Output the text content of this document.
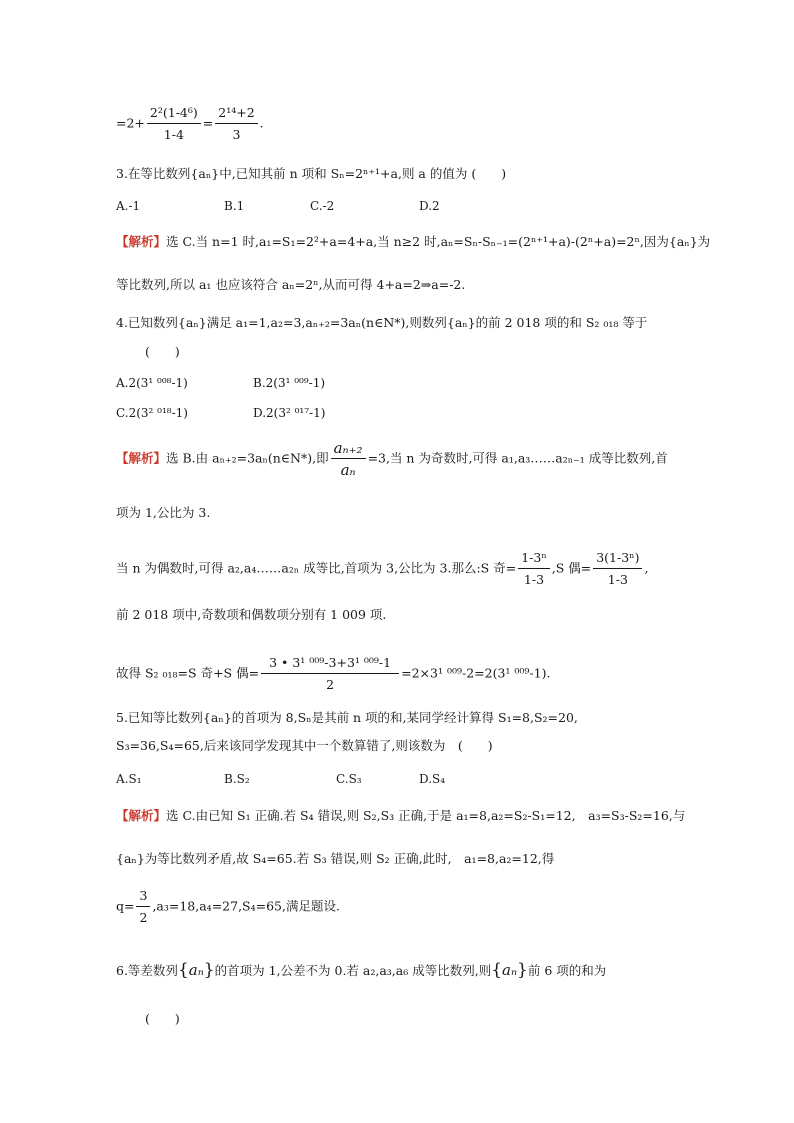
$=2+ \frac{\text{2²(1-4⁶)}}{1-4} = \frac{\text{2¹⁴+2}}{3}$ .
3.在等比数列{aₙ}中,已知其前 n 项和 Sₙ=2ⁿ⁺¹+a,则 a 的值为 (　　)
A.-1	B.1	C.-2	D.2
【解析】选 C.当 n=1 时,a₁=S₁=2²+a=4+a,当 n≥2 时,aₙ=Sₙ-Sₙ₋₁=(2ⁿ⁺¹+a)-(2ⁿ+a)=2ⁿ,因为{aₙ}为
等比数列,所以 a₁ 也应该符合 aₙ=2ⁿ,从而可得 4+a=2⇒a=-2.
4.已知数列{aₙ}满足 a₁=1,a₂=3,aₙ₊₂=3aₙ(n∈N*),则数列{aₙ}的前 2 018 项的和 S₂ ₀₁₈ 等于
(　　)
A.2(3¹ ⁰⁰⁸-1)	B.2(3¹ ⁰⁰⁹-1)
C.2(3² ⁰¹⁸-1)	D.2(3² ⁰¹⁷-1)
【解析】选 B.由 aₙ₊₂=3aₙ(n∈N*),即 $\frac{\text{aₙ₊₂}}{\text{aₙ}} =3$,当 n 为奇数时,可得 a₁,a₃……a₂ₙ₋₁ 成等比数列,首
项为 1,公比为 3.
当 n 为偶数时,可得 a₂,a₄……a₂ₙ 成等比,首项为 3,公比为 3.那么:S 奇= $\frac{\text{1-3ⁿ}}{1-3} ,S$ 偶= $\frac{\text{3(1-3ⁿ)}}{1-3}$ ,
前 2 018 项中,奇数项和偶数项分别有 1 009 项.
故得 S₂ ₀₁₈=S 奇+S 偶= $\frac{\text{3 • 3¹ ⁰⁰⁹-3+3¹ ⁰⁰⁹-1}}{2} =2\times 3^1$ ⁰⁰⁹-2=2(3¹ ⁰⁰⁹-1).
5.已知等比数列{aₙ}的首项为 8,Sₙ是其前 n 项的和,某同学经计算得 S₁=8,S₂=20,
S₃=36,S₄=65,后来该同学发现其中一个数算错了,则该数为　(　　)
A.S₁	B.S₂	C.S₃	D.S₄
【解析】选 C.由已知 S₁ 正确.若 S₄ 错误,则 S₂,S₃ 正确,于是 a₁=8,a₂=S₂-S₁=12,　a₃=S₃-S₂=16,与
{aₙ}为等比数列矛盾,故 S₄=65.若 S₃ 错误,则 S₂ 正确,此时,　a₁=8,a₂=12,得
$q= \frac{3}{2} ,a_3=18,a_4=27,S_4=65$,满足题设.
6.等差数列{aₙ}的首项为 1,公差不为 0.若 a₂,a₃,a₆ 成等比数列,则{aₙ}前 6 项的和为
(　　)
